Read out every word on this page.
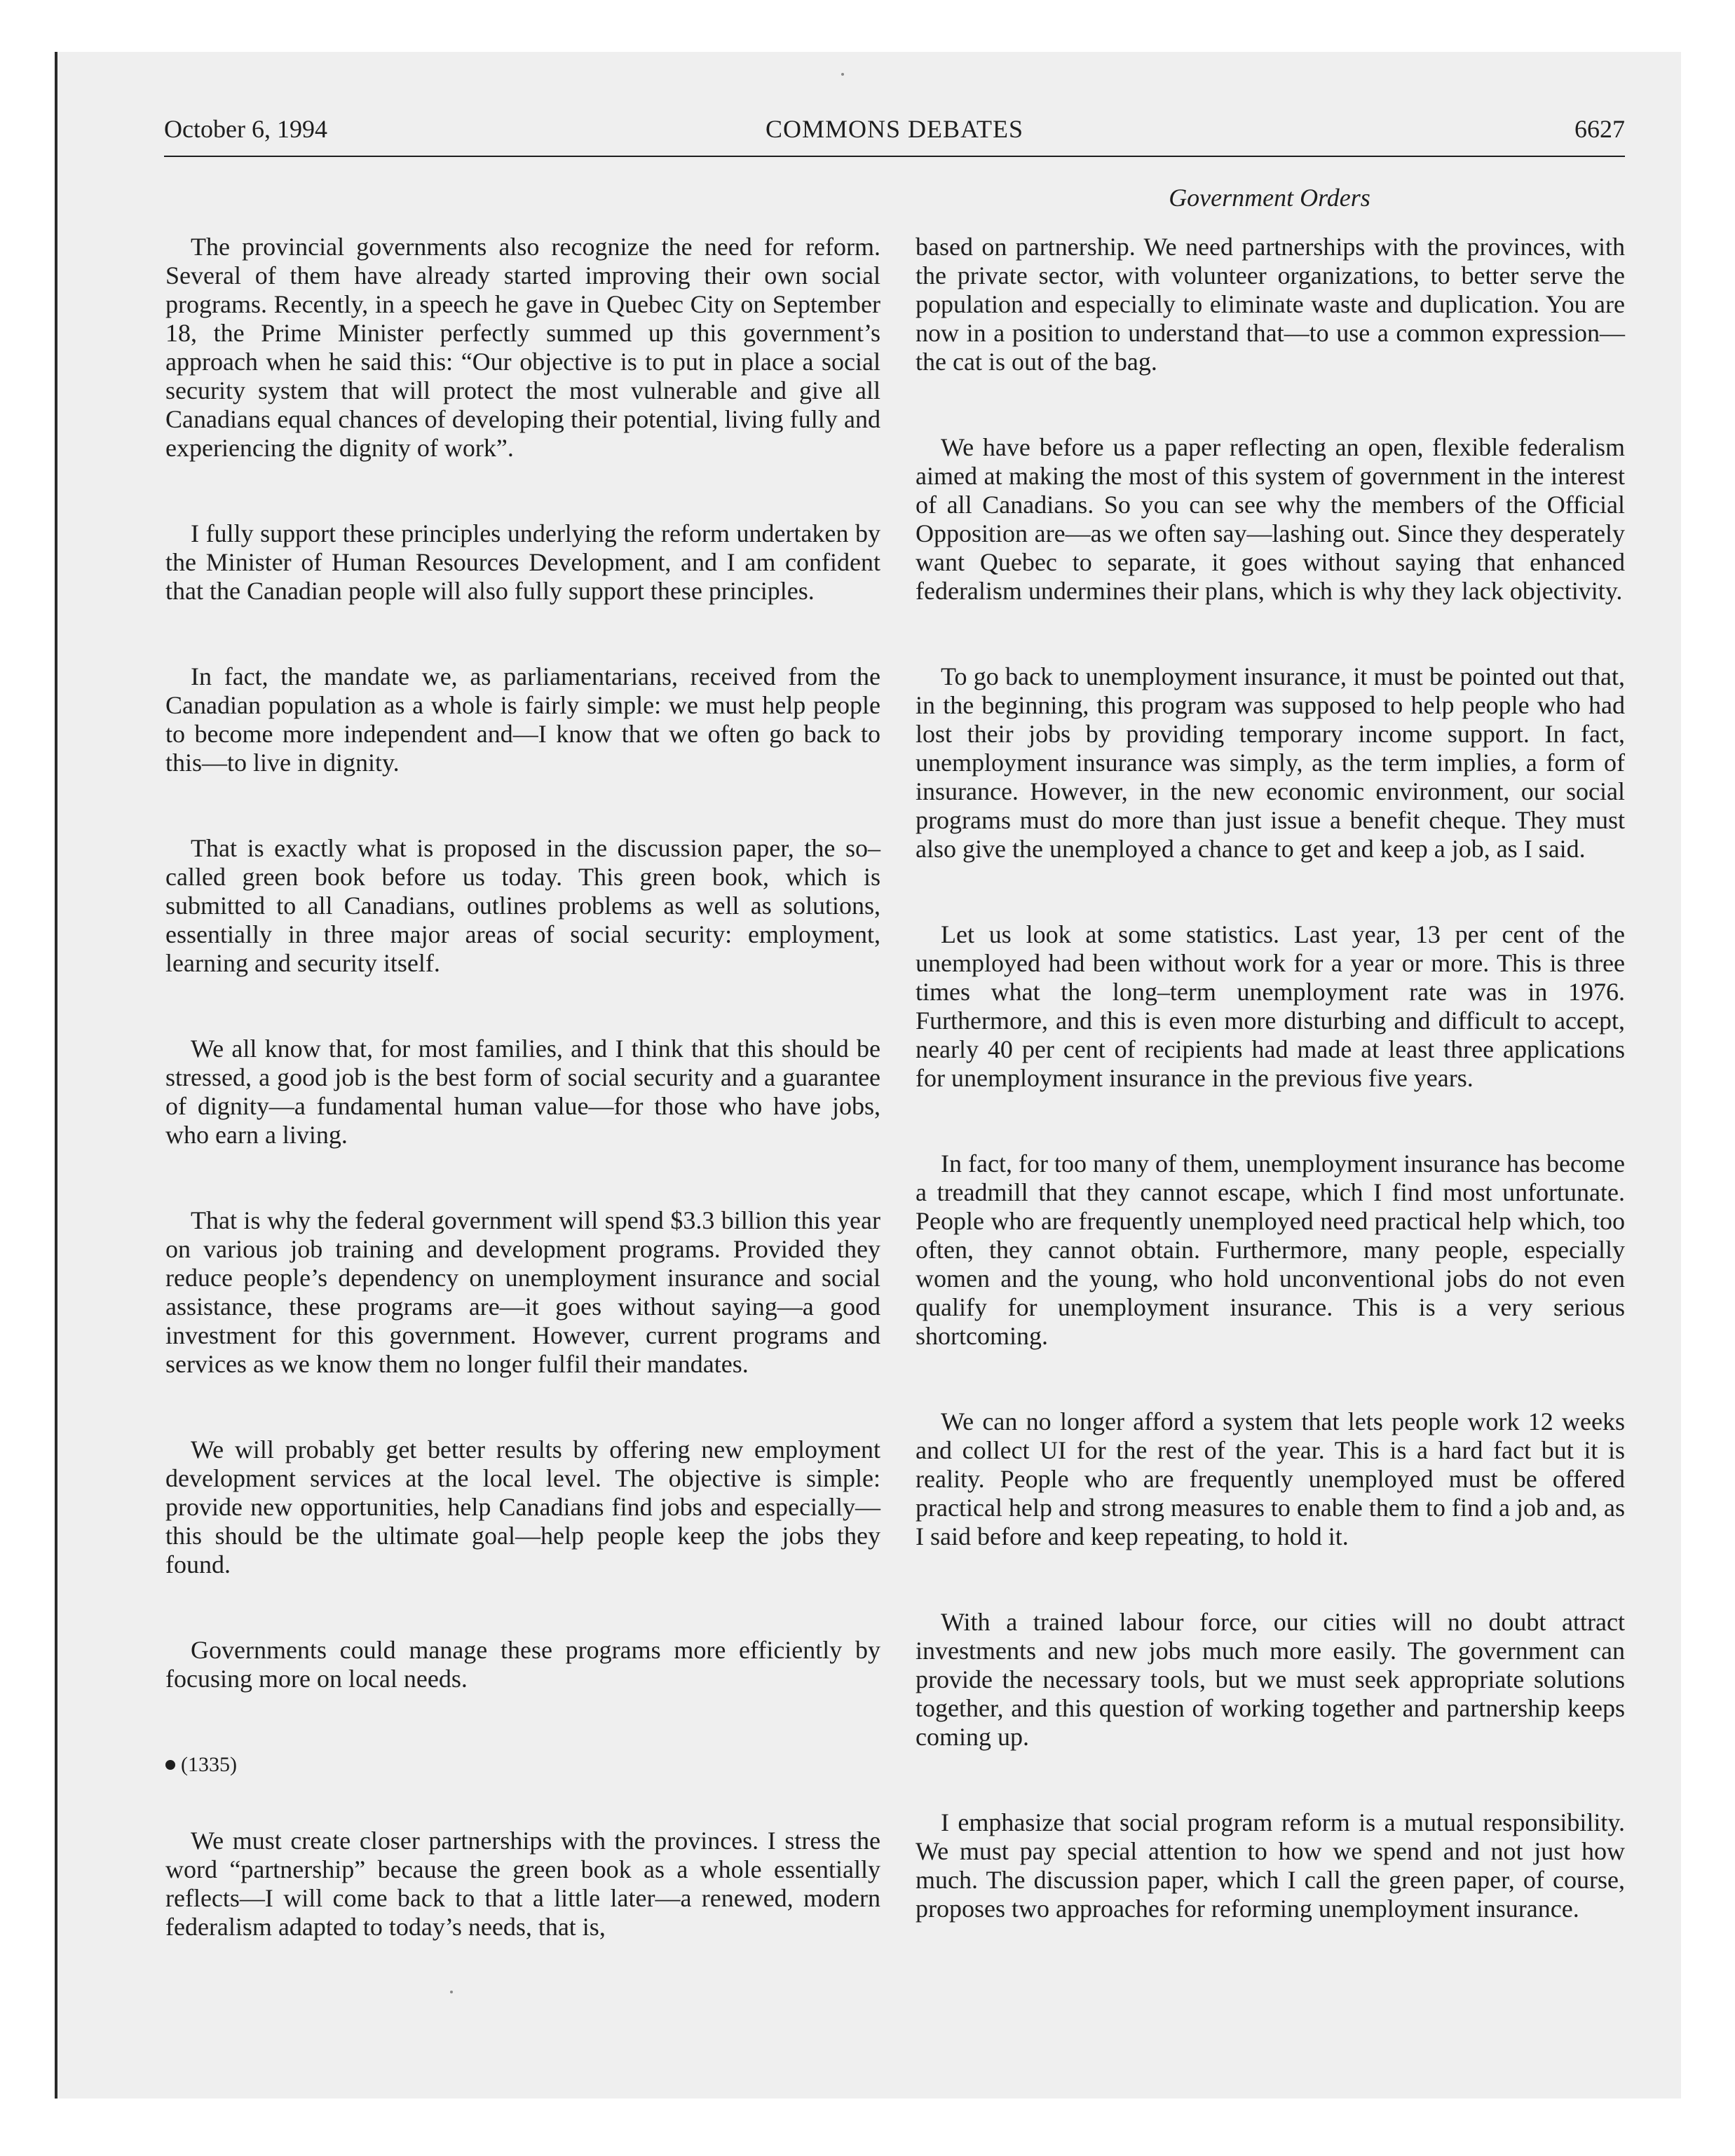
October 6, 1994	COMMONS DEBATES	6627
Government Orders

The provincial governments also recognize the need for reform. Several of them have already started improving their own social programs. Recently, in a speech he gave in Quebec City on September 18, the Prime Minister perfectly summed up this government’s approach when he said this: “Our objective is to put in place a social security system that will protect the most vulnerable and give all Canadians equal chances of developing their potential, living fully and experiencing the dignity of work”.

I fully support these principles underlying the reform undertaken by the Minister of Human Resources Development, and I am confident that the Canadian people will also fully support these principles.

In fact, the mandate we, as parliamentarians, received from the Canadian population as a whole is fairly simple: we must help people to become more independent and—I know that we often go back to this—to live in dignity.

That is exactly what is proposed in the discussion paper, the so–called green book before us today. This green book, which is submitted to all Canadians, outlines problems as well as solutions, essentially in three major areas of social security: employment, learning and security itself.

We all know that, for most families, and I think that this should be stressed, a good job is the best form of social security and a guarantee of dignity—a fundamental human value—for those who have jobs, who earn a living.

That is why the federal government will spend $3.3 billion this year on various job training and development programs. Provided they reduce people’s dependency on unemployment insurance and social assistance, these programs are—it goes without saying—a good investment for this government. However, current programs and services as we know them no longer fulfil their mandates.

We will probably get better results by offering new employment development services at the local level. The objective is simple: provide new opportunities, help Canadians find jobs and especially—this should be the ultimate goal—help people keep the jobs they found.

Governments could manage these programs more efficiently by focusing more on local needs.

(1335)

We must create closer partnerships with the provinces. I stress the word “partnership” because the green book as a whole essentially reflects—I will come back to that a little later—a renewed, modern federalism adapted to today’s needs, that is,

based on partnership. We need partnerships with the provinces, with the private sector, with volunteer organizations, to better serve the population and especially to eliminate waste and duplication. You are now in a position to understand that—to use a common expression—the cat is out of the bag.

We have before us a paper reflecting an open, flexible federalism aimed at making the most of this system of government in the interest of all Canadians. So you can see why the members of the Official Opposition are—as we often say—lashing out. Since they desperately want Quebec to separate, it goes without saying that enhanced federalism undermines their plans, which is why they lack objectivity.

To go back to unemployment insurance, it must be pointed out that, in the beginning, this program was supposed to help people who had lost their jobs by providing temporary income support. In fact, unemployment insurance was simply, as the term implies, a form of insurance. However, in the new economic environment, our social programs must do more than just issue a benefit cheque. They must also give the unemployed a chance to get and keep a job, as I said.

Let us look at some statistics. Last year, 13 per cent of the unemployed had been without work for a year or more. This is three times what the long–term unemployment rate was in 1976. Furthermore, and this is even more disturbing and difficult to accept, nearly 40 per cent of recipients had made at least three applications for unemployment insurance in the previous five years.

In fact, for too many of them, unemployment insurance has become a treadmill that they cannot escape, which I find most unfortunate. People who are frequently unemployed need practical help which, too often, they cannot obtain. Furthermore, many people, especially women and the young, who hold unconventional jobs do not even qualify for unemployment insurance. This is a very serious shortcoming.

We can no longer afford a system that lets people work 12 weeks and collect UI for the rest of the year. This is a hard fact but it is reality. People who are frequently unemployed must be offered practical help and strong measures to enable them to find a job and, as I said before and keep repeating, to hold it.

With a trained labour force, our cities will no doubt attract investments and new jobs much more easily. The government can provide the necessary tools, but we must seek appropriate solutions together, and this question of working together and partnership keeps coming up.

I emphasize that social program reform is a mutual responsibility. We must pay special attention to how we spend and not just how much. The discussion paper, which I call the green paper, of course, proposes two approaches for reforming unemployment insurance.
